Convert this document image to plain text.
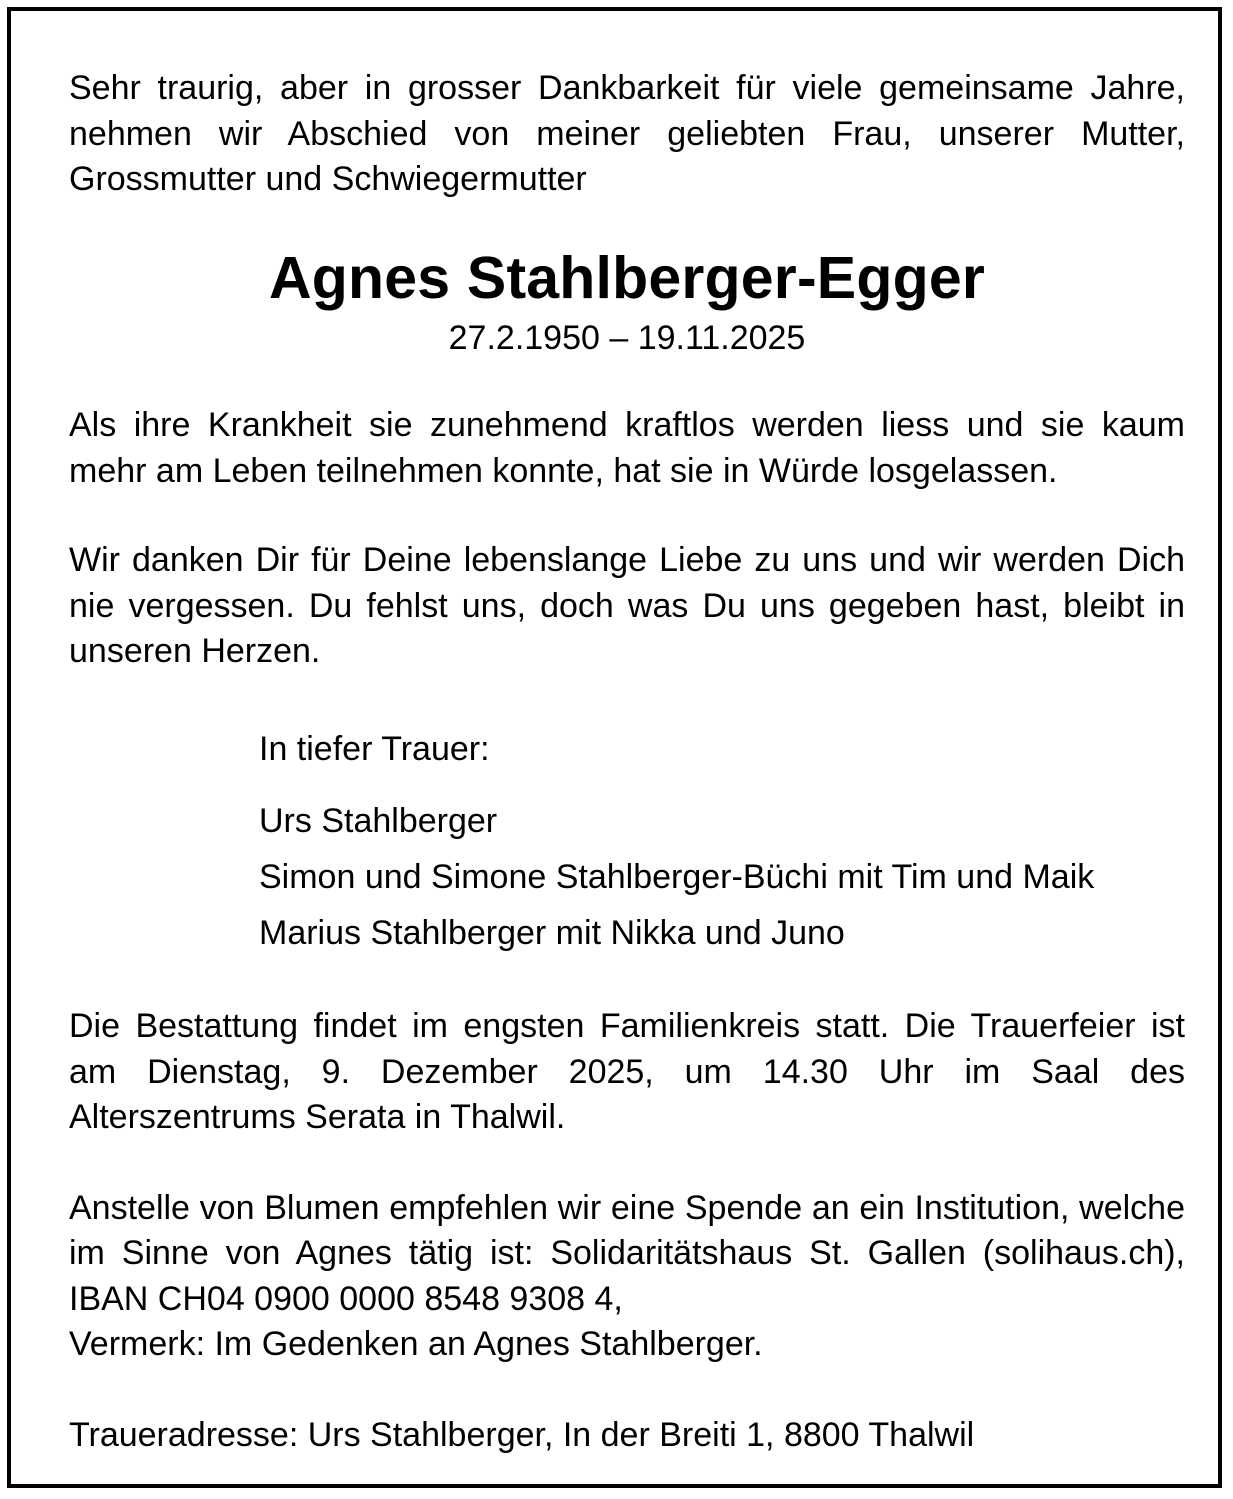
Sehr traurig, aber in grosser Dankbarkeit für viele gemeinsame Jahre, nehmen wir Abschied von meiner geliebten Frau, unserer Mutter, Grossmutter und Schwiegermutter

Agnes Stahlberger-Egger

27.2.1950 – 19.11.2025

Als ihre Krankheit sie zunehmend kraftlos werden liess und sie kaum mehr am Leben teilnehmen konnte, hat sie in Würde losgelassen.

Wir danken Dir für Deine lebenslange Liebe zu uns und wir werden Dich nie vergessen. Du fehlst uns, doch was Du uns gegeben hast, bleibt in unseren Herzen.

In tiefer Trauer:

Urs Stahlberger

Simon und Simone Stahlberger-Büchi mit Tim und Maik

Marius Stahlberger mit Nikka und Juno

Die Bestattung findet im engsten Familienkreis statt. Die Trauerfeier ist am Dienstag, 9. Dezember 2025, um 14.30 Uhr im Saal des Alterszentrums Serata in Thalwil.

Anstelle von Blumen empfehlen wir eine Spende an ein Institution, welche im Sinne von Agnes tätig ist: Solidaritätshaus St. Gallen (solihaus.ch), IBAN CH04 0900 0000 8548 9308 4,
Vermerk: Im Gedenken an Agnes Stahlberger.

Traueradresse: Urs Stahlberger, In der Breiti 1, 8800 Thalwil
